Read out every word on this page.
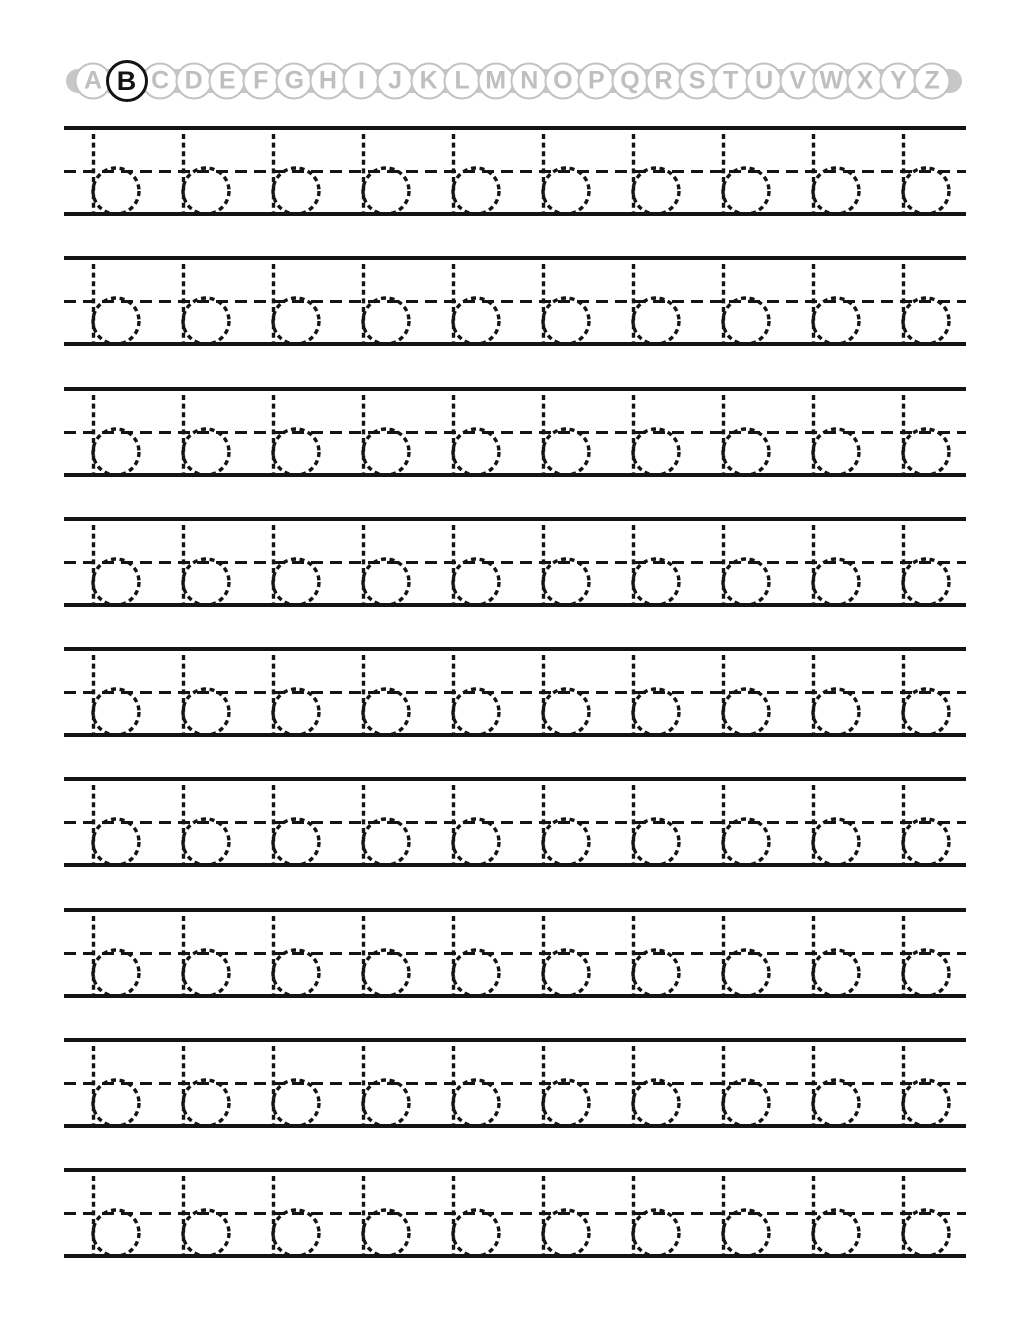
A B C D E F G H I J K L M N O P Q R S T U V W X Y Z
